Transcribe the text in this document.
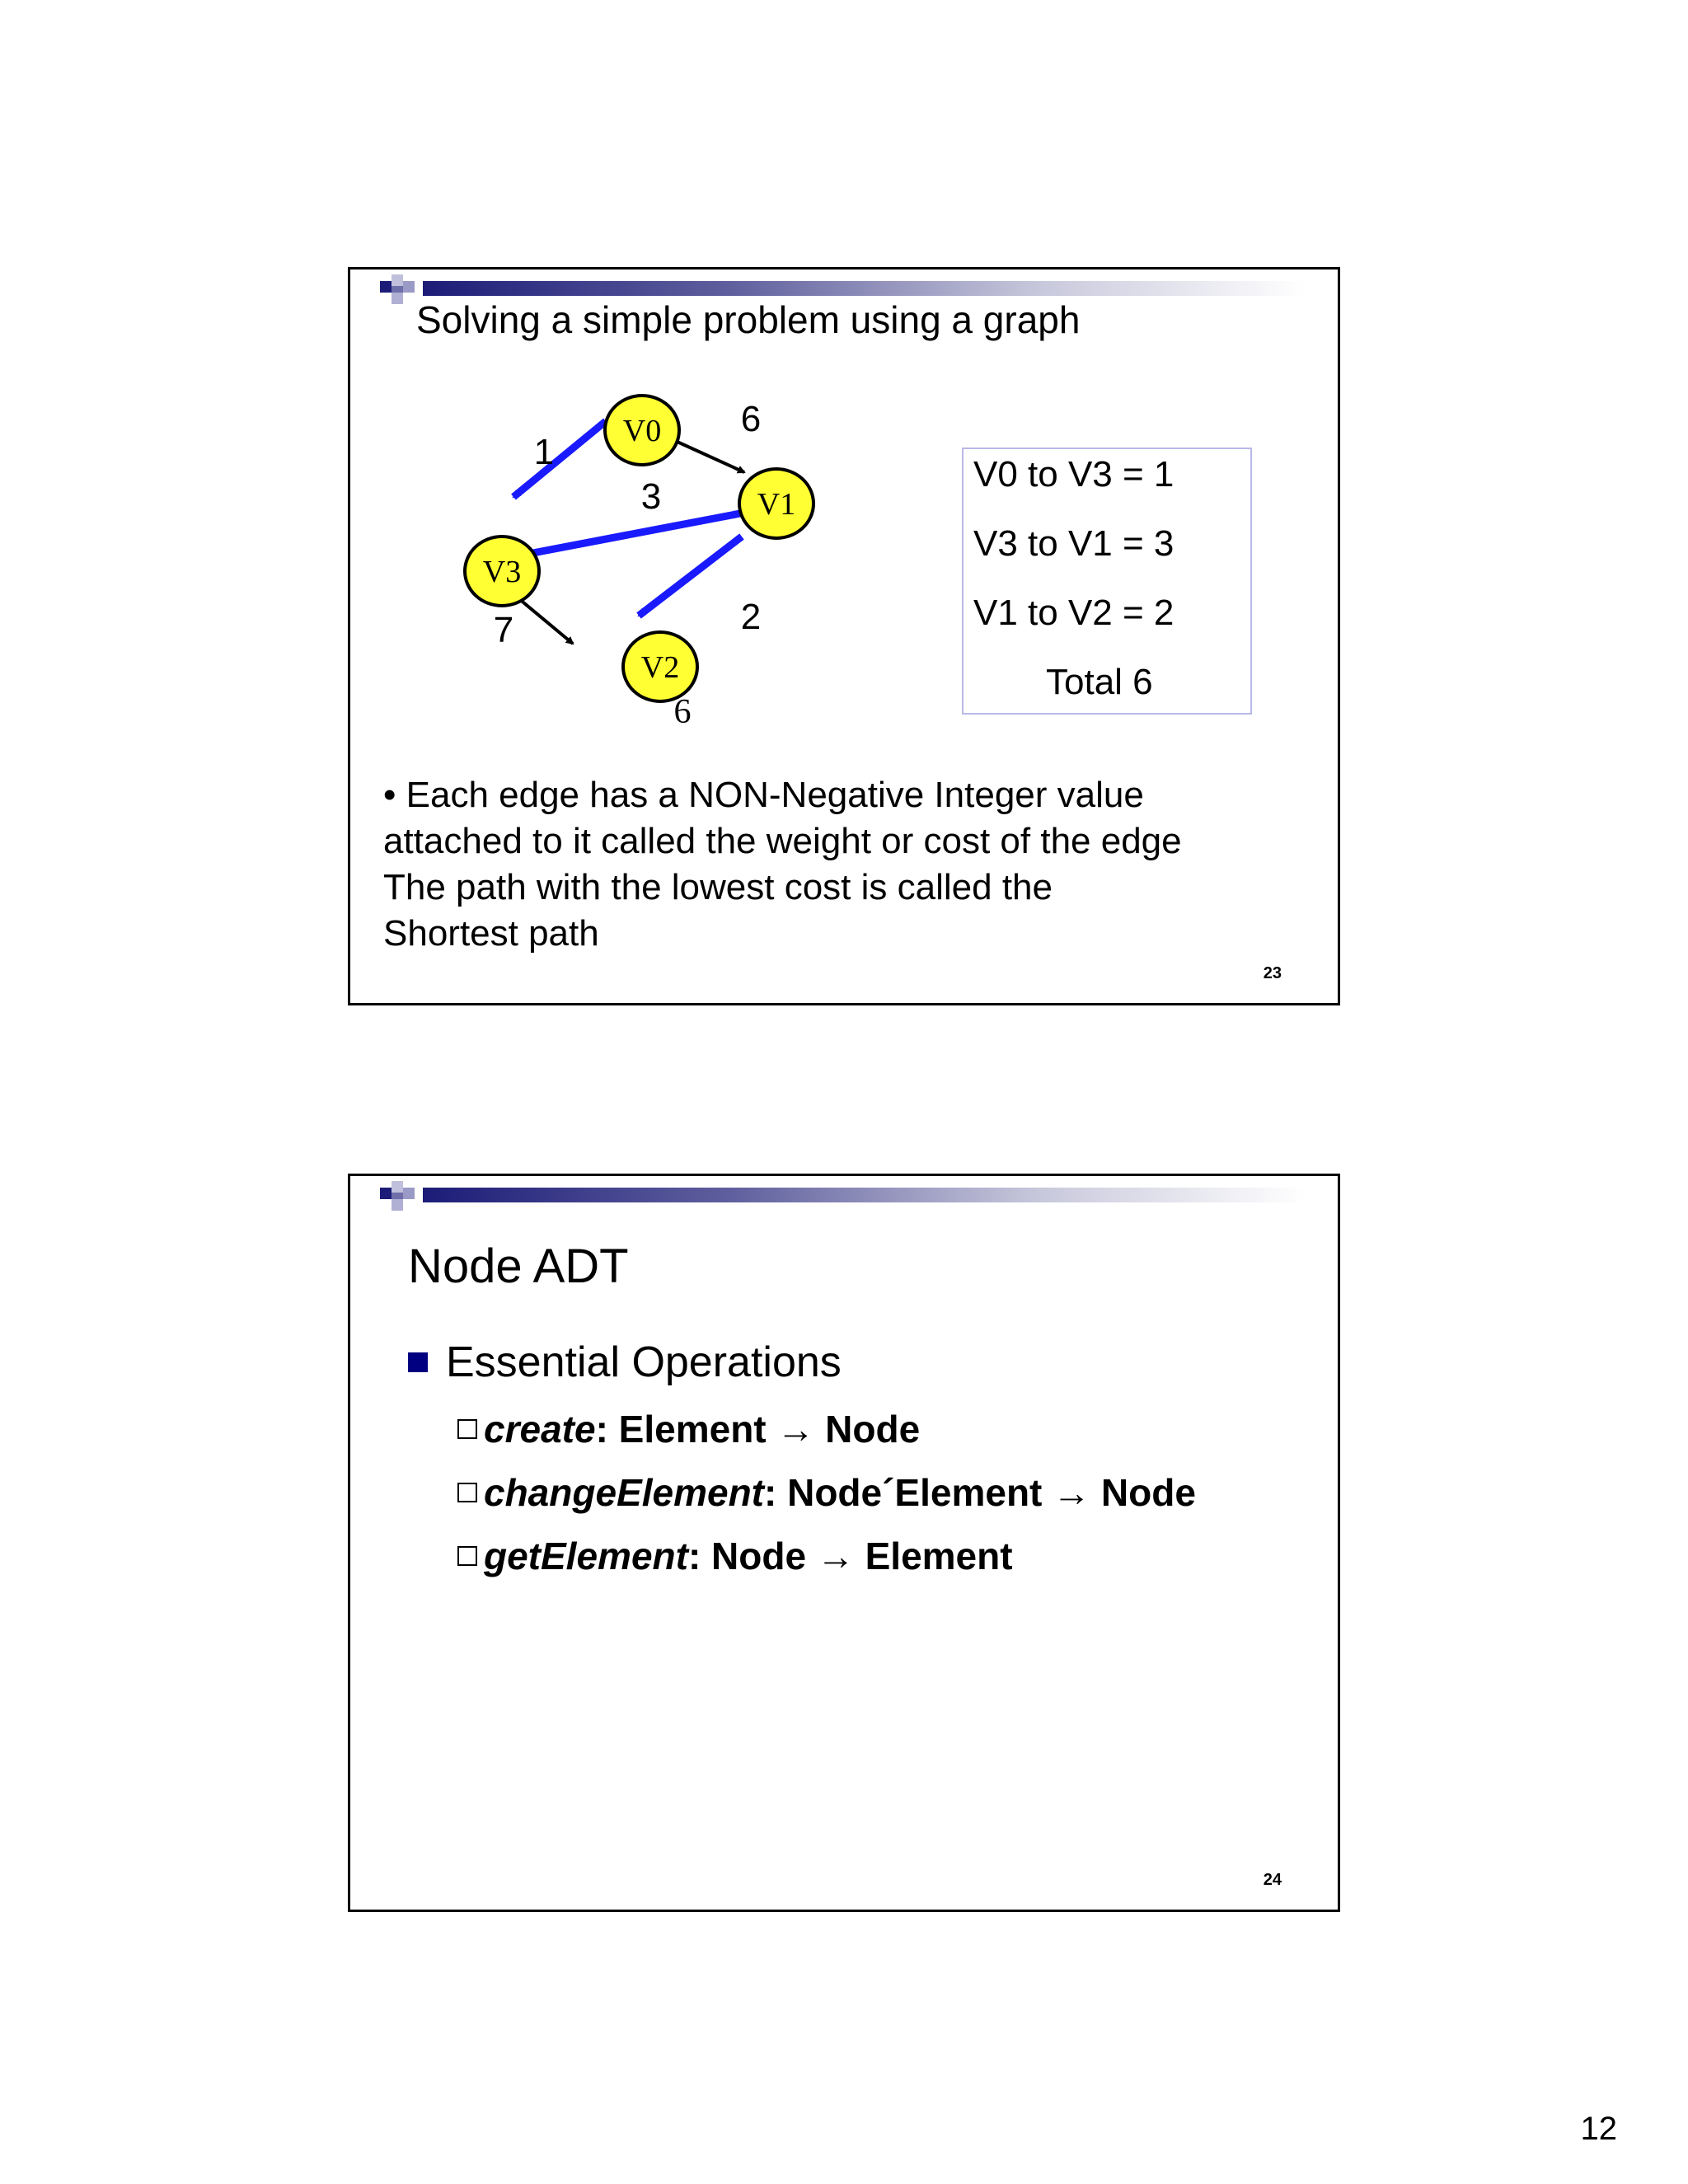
Solving a simple problem using a graph
V0
V1
V3
V2
1
6
3
2
7
6
V0 to V3 = 1
V3 to V1 = 3
V1 to V2 = 2
Total 6
• Each edge has a NON-Negative Integer value
attached to it called the weight or cost of the edge
The path with the lowest cost is called the
Shortest path
23
Node ADT
Essential Operations
create : Element → Node
changeElement : Node´Element → Node
getElement : Node → Element
24
12
